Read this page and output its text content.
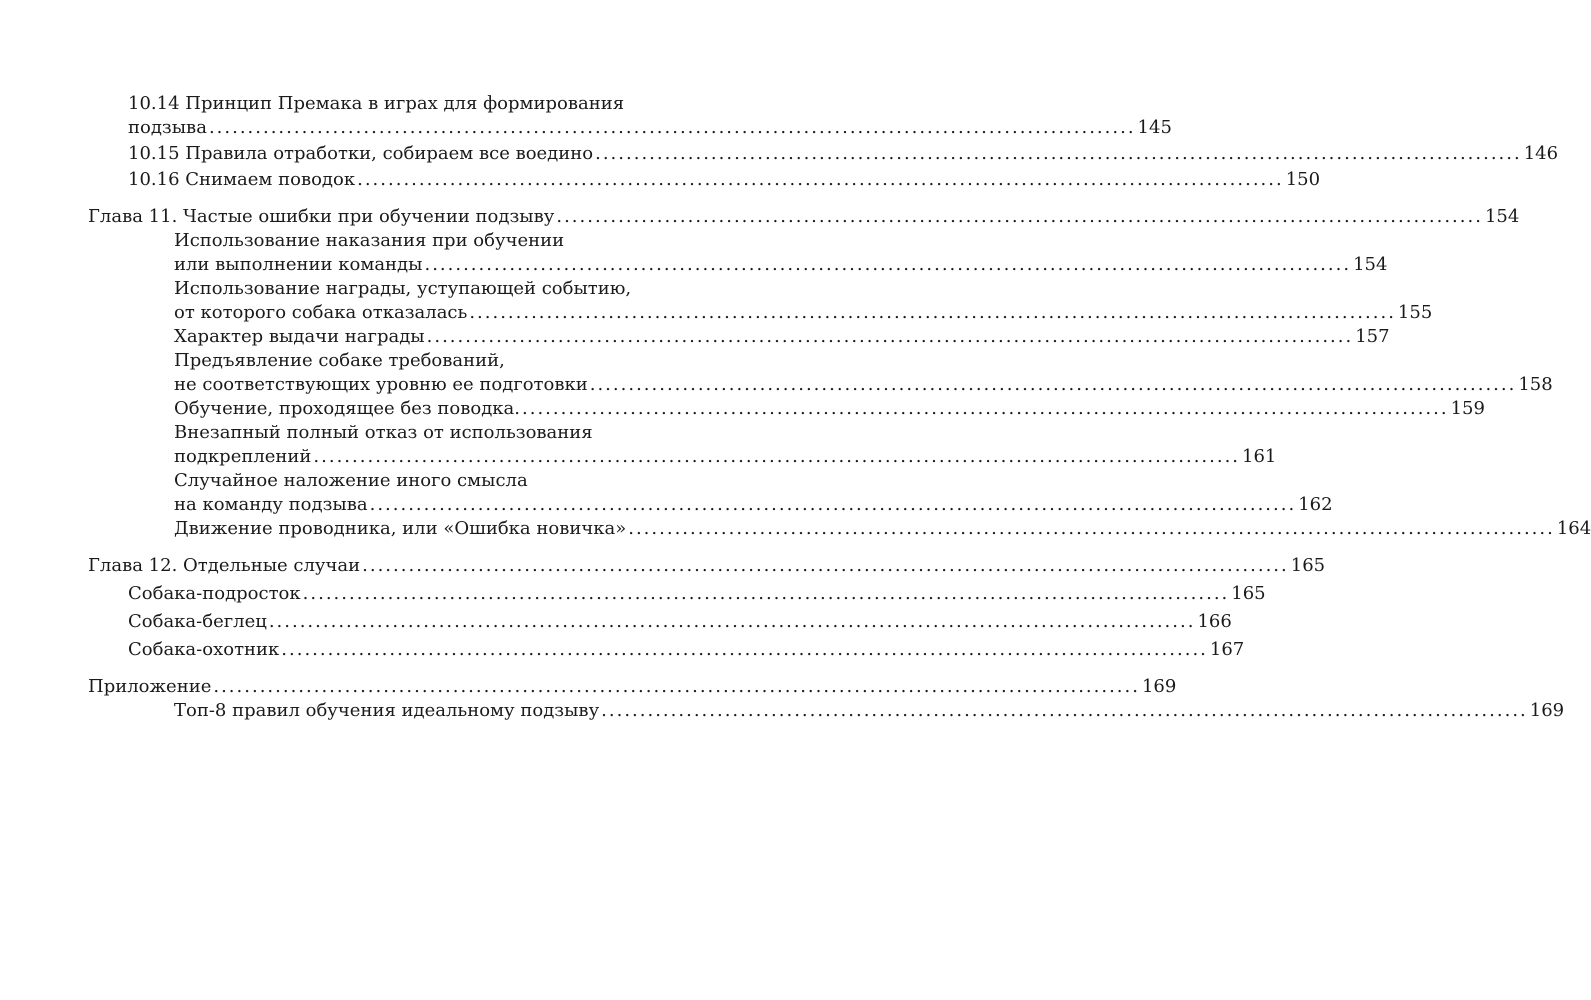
10.14 Принцип Премака в играх для формирования
подзыва ........................................................................................................................ 145
10.15 Правила отработки, собираем все воедино ........................................................................................................................ 146
10.16 Снимаем поводок ........................................................................................................................ 150
Глава 11. Частые ошибки при обучении подзыву ........................................................................................................................ 154
Использование наказания при обучении
или выполнении команды ........................................................................................................................ 154
Использование награды, уступающей событию,
от которого собака отказалась ........................................................................................................................ 155
Характер выдачи награды ........................................................................................................................ 157
Предъявление собаке требований,
не соответствующих уровню ее подготовки ........................................................................................................................ 158
Обучение, проходящее без поводка. ........................................................................................................................ 159
Внезапный полный отказ от использования
подкреплений ........................................................................................................................ 161
Случайное наложение иного смысла
на команду подзыва ........................................................................................................................ 162
Движение проводника, или «Ошибка новичка» ........................................................................................................................ 164
Глава 12. Отдельные случаи ........................................................................................................................ 165
Собака-подросток ........................................................................................................................ 165
Собака-беглец ........................................................................................................................ 166
Собака-охотник ........................................................................................................................ 167
Приложение ........................................................................................................................ 169
Топ-8 правил обучения идеальному подзыву ........................................................................................................................ 169
